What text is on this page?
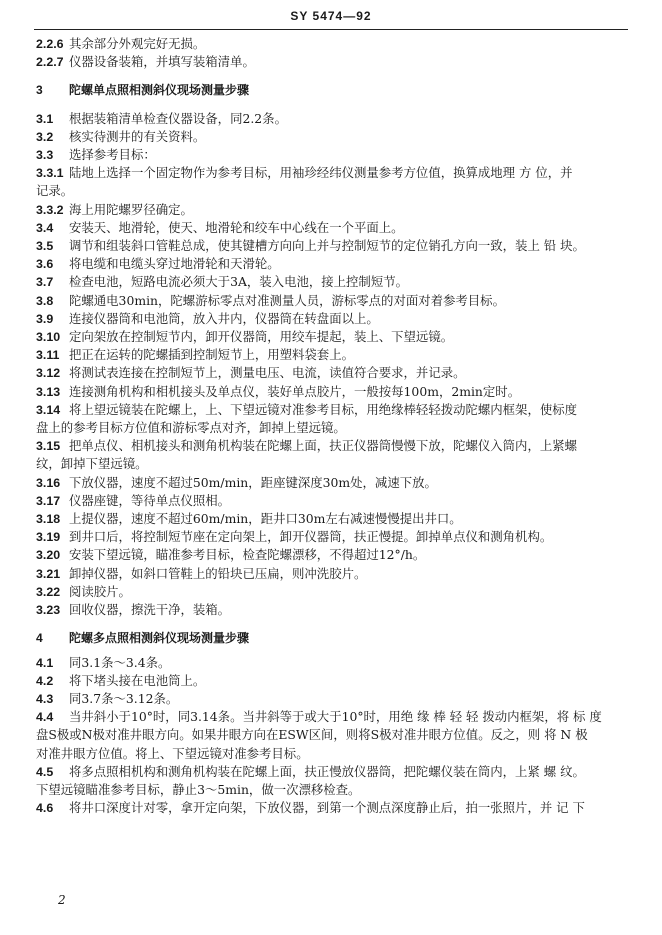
SY 5474—92
2.2.6 其余部分外观完好无损。
2.2.7 仪器设备装箱，并填写装箱清单。
3 陀螺单点照相测斜仪现场测量步骤
3.1 根据装箱清单检查仪器设备，同2.2条。
3.2 核实待测井的有关资料。
3.3 选择参考目标：
3.3.1 陆地上选择一个固定物作为参考目标，用袖珍经纬仪测量参考方位值，换算成地理 方 位，并
记录。
3.3.2 海上用陀螺罗径确定。
3.4 安装天、地滑轮，使天、地滑轮和绞车中心线在一个平面上。
3.5 调节和组装斜口管鞋总成，使其键槽方向向上并与控制短节的定位销孔方向一致，装上 铅 块。
3.6 将电缆和电缆头穿过地滑轮和天滑轮。
3.7 检查电池，短路电流必须大于3A，装入电池，接上控制短节。
3.8 陀螺通电30min，陀螺游标零点对准测量人员，游标零点的对面对着参考目标。
3.9 连接仪器筒和电池筒，放入井内，仪器筒在转盘面以上。
3.10 定向架放在控制短节内，卸开仪器筒，用绞车提起，装上、下望远镜。
3.11 把正在运转的陀螺插到控制短节上，用塑料袋套上。
3.12 将测试表连接在控制短节上，测量电压、电流，读值符合要求，并记录。
3.13 连接测角机构和相机接头及单点仪，装好单点胶片，一般按每100m，2min定时。
3.14 将上望远镜装在陀螺上，上、下望远镜对准参考目标，用绝缘棒轻轻拨动陀螺内框架，使标度
盘上的参考目标方位值和游标零点对齐，卸掉上望远镜。
3.15 把单点仪、相机接头和测角机构装在陀螺上面，扶正仪器筒慢慢下放，陀螺仪入筒内，上紧螺
纹，卸掉下望远镜。
3.16 下放仪器，速度不超过50m/min，距座键深度30m处，减速下放。
3.17 仪器座键，等待单点仪照相。
3.18 上提仪器，速度不超过60m/min，距井口30m左右减速慢慢提出井口。
3.19 到井口后，将控制短节座在定向架上，卸开仪器筒，扶正慢提。卸掉单点仪和测角机构。
3.20 安装下望远镜，瞄准参考目标，检查陀螺漂移，不得超过12°/h。
3.21 卸掉仪器，如斜口管鞋上的铅块已压扁，则冲洗胶片。
3.22 阅读胶片。
3.23 回收仪器，擦洗干净，装箱。
4 陀螺多点照相测斜仪现场测量步骤
4.1 同3.1条～3.4条。
4.2 将下堵头接在电池筒上。
4.3 同3.7条～3.12条。
4.4 当井斜小于10°时，同3.14条。当井斜等于或大于10°时，用绝 缘 棒 轻 轻 拨动内框架，将 标 度
盘S极或N极对准井眼方向。如果井眼方向在ESW区间，则将S极对准井眼方位值。反之，则 将 N 极
对准井眼方位值。将上、下望远镜对准参考目标。
4.5 将多点照相机构和测角机构装在陀螺上面，扶正慢放仪器筒，把陀螺仪装在筒内，上紧 螺 纹。
下望远镜瞄准参考目标，静止3～5min，做一次漂移检查。
4.6 将井口深度计对零，拿开定向架，下放仪器，到第一个测点深度静止后，拍一张照片，并 记 下
2
